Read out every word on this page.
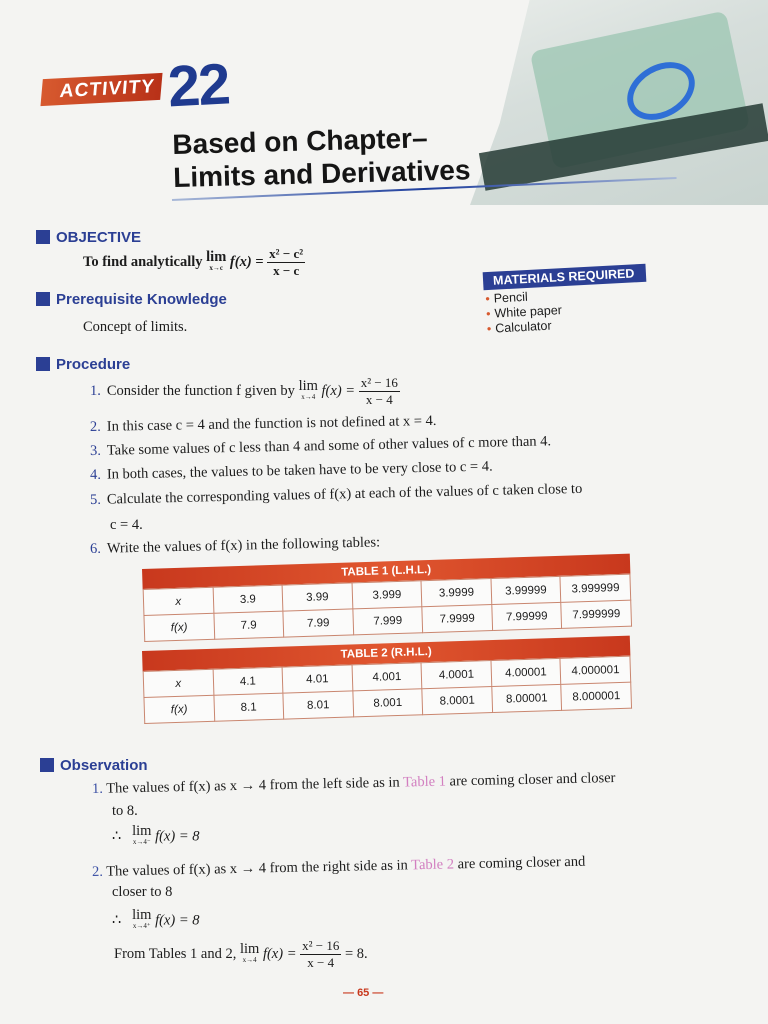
ACTIVITY 22
Based on Chapter–
Limits and Derivatives
OBJECTIVE
To find analytically lim
x→c $f(x) = \frac{\text{x² − c²}}{x - c}$
Prerequisite Knowledge
Concept of limits.
MATERIALS REQUIRED
• Pencil
• White paper
• Calculator
Procedure
1. Consider the function f given by lim
x→4 $f(x) = \frac{\text{x² − 16}}{x - 4}$
2. In this case c = 4 and the function is not defined at x = 4.
3. Take some values of c less than 4 and some of other values of c more than 4.
4. In both cases, the values to be taken have to be very close to c = 4.
5. Calculate the corresponding values of f(x) at each of the values of c taken close to
c = 4.
6. Write the values of f(x) in the following tables:
TABLE 1 (L.H.L.)
x	3.9	3.99	3.999	3.9999	3.99999	3.999999
f(x)	7.9	7.99	7.999	7.9999	7.99999	7.999999
TABLE 2 (R.H.L.)
x	4.1	4.01	4.001	4.0001	4.00001	4.000001
f(x)	8.1	8.01	8.001	8.0001	8.00001	8.000001
Observation
1. The values of f(x) as x → 4 from the left side as in Table 1 are coming closer and closer
to 8.
∴ lim
x→4⁻ f(x) = 8
2. The values of f(x) as x → 4 from the right side as in Table 2 are coming closer and
closer to 8
∴ lim
x→4⁺ f(x) = 8
From Tables 1 and 2, lim
x→4 $f(x) = \frac{\text{x² − 16}}{x - 4} = 8$.
— 65 —
